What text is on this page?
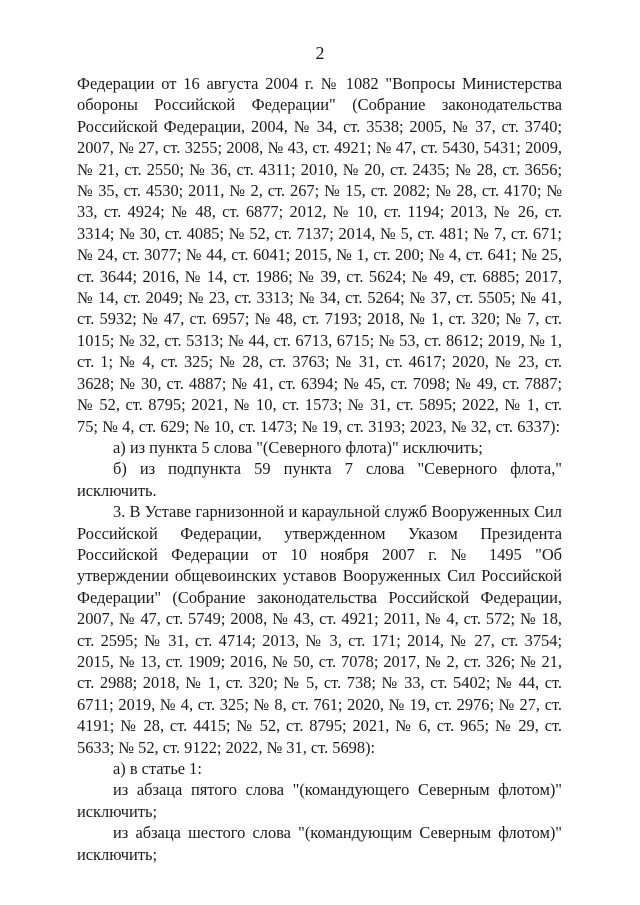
2

Федерации от 16 августа 2004 г. № 1082 "Вопросы Министерства обороны Российской Федерации" (Собрание законодательства Российской Федерации, 2004, № 34, ст. 3538; 2005, № 37, ст. 3740; 2007, № 27, ст. 3255; 2008, № 43, ст. 4921; № 47, ст. 5430, 5431; 2009, № 21, ст. 2550; № 36, ст. 4311; 2010, № 20, ст. 2435; № 28, ст. 3656; № 35, ст. 4530; 2011, № 2, ст. 267; № 15, ст. 2082; № 28, ст. 4170; № 33, ст. 4924; № 48, ст. 6877; 2012, № 10, ст. 1194; 2013, № 26, ст. 3314; № 30, ст. 4085; № 52, ст. 7137; 2014, № 5, ст. 481; № 7, ст. 671; № 24, ст. 3077; № 44, ст. 6041; 2015, № 1, ст. 200; № 4, ст. 641; № 25, ст. 3644; 2016, № 14, ст. 1986; № 39, ст. 5624; № 49, ст. 6885; 2017, № 14, ст. 2049; № 23, ст. 3313; № 34, ст. 5264; № 37, ст. 5505; № 41, ст. 5932; № 47, ст. 6957; № 48, ст. 7193; 2018, № 1, ст. 320; № 7, ст. 1015; № 32, ст. 5313; № 44, ст. 6713, 6715; № 53, ст. 8612; 2019, № 1, ст. 1; № 4, ст. 325; № 28, ст. 3763; № 31, ст. 4617; 2020, № 23, ст. 3628; № 30, ст. 4887; № 41, ст. 6394; № 45, ст. 7098; № 49, ст. 7887; № 52, ст. 8795; 2021, № 10, ст. 1573; № 31, ст. 5895; 2022, № 1, ст. 75; № 4, ст. 629; № 10, ст. 1473; № 19, ст. 3193; 2023, № 32, ст. 6337):

а) из пункта 5 слова "(Северного флота)" исключить;

б) из подпункта 59 пункта 7 слова "Северного флота," исключить.

3. В Уставе гарнизонной и караульной служб Вооруженных Сил Российской Федерации, утвержденном Указом Президента Российской Федерации от 10 ноября 2007 г. № 1495 "Об утверждении общевоинских уставов Вооруженных Сил Российской Федерации" (Собрание законодательства Российской Федерации, 2007, № 47, ст. 5749; 2008, № 43, ст. 4921; 2011, № 4, ст. 572; № 18, ст. 2595; № 31, ст. 4714; 2013, № 3, ст. 171; 2014, № 27, ст. 3754; 2015, № 13, ст. 1909; 2016, № 50, ст. 7078; 2017, № 2, ст. 326; № 21, ст. 2988; 2018, № 1, ст. 320; № 5, ст. 738; № 33, ст. 5402; № 44, ст. 6711; 2019, № 4, ст. 325; № 8, ст. 761; 2020, № 19, ст. 2976; № 27, ст. 4191; № 28, ст. 4415; № 52, ст. 8795; 2021, № 6, ст. 965; № 29, ст. 5633; № 52, ст. 9122; 2022, № 31, ст. 5698):

а) в статье 1:

из абзаца пятого слова "(командующего Северным флотом)" исключить;

из абзаца шестого слова "(командующим Северным флотом)" исключить;
